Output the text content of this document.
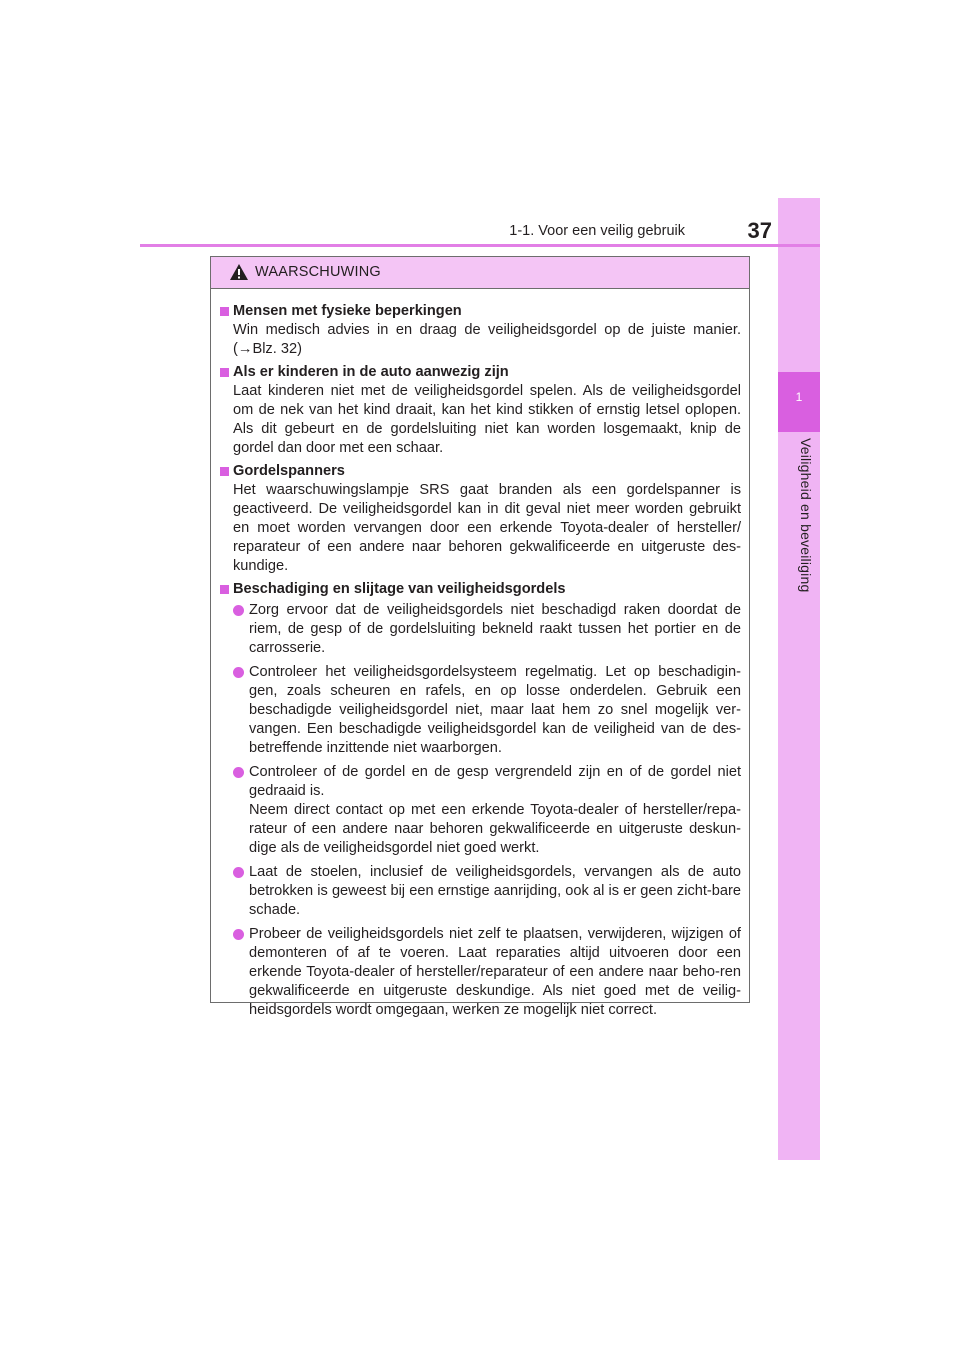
1
Veiligheid en beveiliging
1-1. Voor een veilig gebruik	37
WAARSCHUWING
Mensen met fysieke beperkingen
Win medisch advies in en draag de veiligheidsgordel op de juiste manier. (→Blz. 32)
Als er kinderen in de auto aanwezig zijn
Laat kinderen niet met de veiligheidsgordel spelen. Als de veiligheidsgordel om de nek van het kind draait, kan het kind stikken of ernstig letsel oplopen. Als dit gebeurt en de gordelsluiting niet kan worden losgemaakt, knip de gordel dan door met een schaar.
Gordelspanners
Het waarschuwingslampje SRS gaat branden als een gordelspanner is geactiveerd. De veiligheidsgordel kan in dit geval niet meer worden gebruikt en moet worden vervangen door een erkende Toyota-dealer of hersteller/ reparateur of een andere naar behoren gekwalificeerde en uitgeruste des-kundige.
Beschadiging en slijtage van veiligheidsgordels
Zorg ervoor dat de veiligheidsgordels niet beschadigd raken doordat de riem, de gesp of de gordelsluiting bekneld raakt tussen het portier en de carrosserie.
Controleer het veiligheidsgordelsysteem regelmatig. Let op beschadigin-gen, zoals scheuren en rafels, en op losse onderdelen. Gebruik een beschadigde veiligheidsgordel niet, maar laat hem zo snel mogelijk ver-vangen. Een beschadigde veiligheidsgordel kan de veiligheid van de des-betreffende inzittende niet waarborgen.
Controleer of de gordel en de gesp vergrendeld zijn en of de gordel niet gedraaid is.
Neem direct contact op met een erkende Toyota-dealer of hersteller/repa-rateur of een andere naar behoren gekwalificeerde en uitgeruste deskun-dige als de veiligheidsgordel niet goed werkt.
Laat de stoelen, inclusief de veiligheidsgordels, vervangen als de auto betrokken is geweest bij een ernstige aanrijding, ook al is er geen zicht-bare schade.
Probeer de veiligheidsgordels niet zelf te plaatsen, verwijderen, wijzigen of demonteren of af te voeren. Laat reparaties altijd uitvoeren door een erkende Toyota-dealer of hersteller/reparateur of een andere naar beho-ren gekwalificeerde en uitgeruste deskundige. Als niet goed met de veilig-heidsgordels wordt omgegaan, werken ze mogelijk niet correct.
